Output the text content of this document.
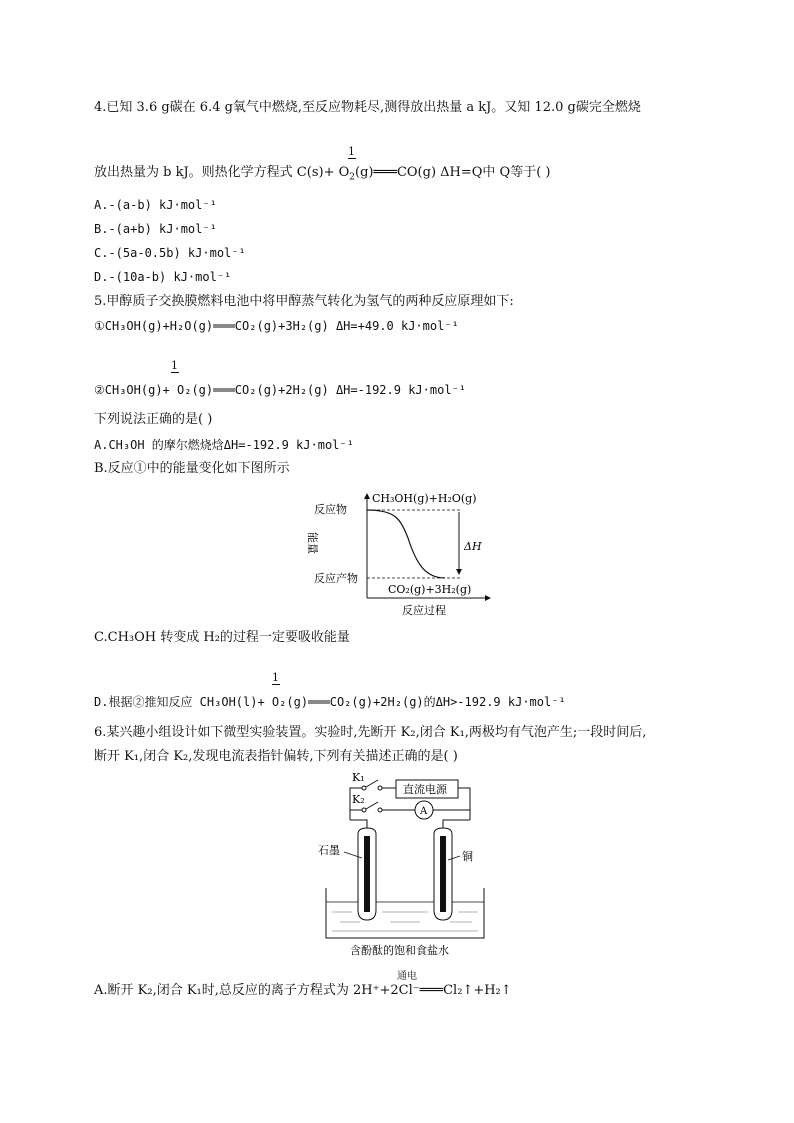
4.已知 3.6 g碳在 6.4 g氧气中燃烧,至反应物耗尽,测得放出热量 a kJ。又知 12.0 g碳完全燃烧
1
放出热量为 b kJ。则热化学方程式 $C(s)+ O_2(g)═══CO(g)$ ΔH=Q中 Q等于( )
A.-(a-b) kJ·mol⁻¹
B.-(a+b) kJ·mol⁻¹
C.-(5a-0.5b) kJ·mol⁻¹
D.-(10a-b) kJ·mol⁻¹
5.甲醇质子交换膜燃料电池中将甲醇蒸气转化为氢气的两种反应原理如下:
①CH₃OH(g)+H₂O(g)═══CO₂(g)+3H₂(g) ΔH=+49.0 kJ·mol⁻¹
1
②CH₃OH(g)+ O₂(g)═══CO₂(g)+2H₂(g) ΔH=-192.9 kJ·mol⁻¹
下列说法正确的是( )
A.CH₃OH 的摩尔燃烧焓ΔH=-192.9 kJ·mol⁻¹
B.反应①中的能量变化如下图所示
反应物
反应产物
CH₃OH(g)+H₂O(g)
CO₂(g)+3H₂(g)
ΔH
反应过程
能量
C.CH₃OH 转变成 H₂的过程一定要吸收能量
1
D.根据②推知反应 CH₃OH(l)+ O₂(g)═══CO₂(g)+2H₂(g)的ΔH>-192.9 kJ·mol⁻¹
6.某兴趣小组设计如下微型实验装置。实验时,先断开 K₂,闭合 K₁,两极均有气泡产生;一段时间后,
断开 K₁,闭合 K₂,发现电流表指针偏转,下列有关描述正确的是( )
K₁
K₂
直流电源
A
石墨	铜
含酚酞的饱和食盐水
通电
A.断开 K₂,闭合 K₁时,总反应的离子方程式为 2H⁺+2Cl⁻═══Cl₂↑+H₂↑
